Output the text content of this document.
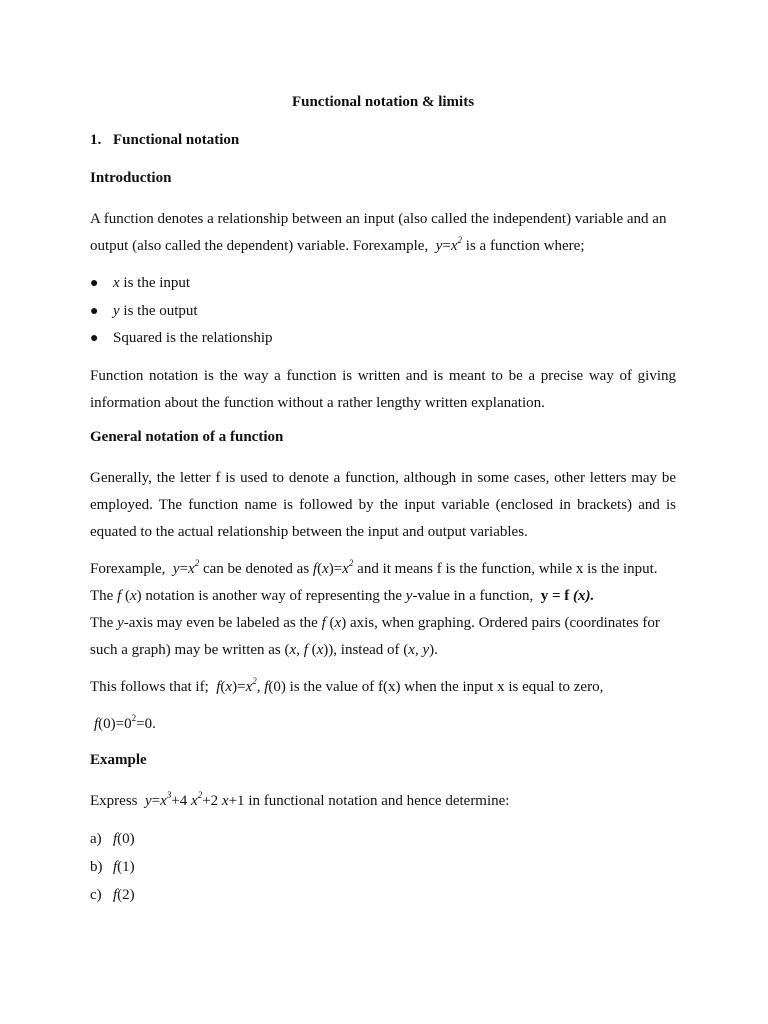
Functional notation & limits
1. Functional notation
Introduction

A function denotes a relationship between an input (also called the independent) variable and an output (also called the dependent) variable. Forexample,  $y=x^2$ is a function where;

● x is the input
● y is the output
● Squared is the relationship

Function notation is the way a function is written and is meant to be a precise way of giving information about the function without a rather lengthy written explanation.

General notation of a function

Generally, the letter f is used to denote a function, although in some cases, other letters may be employed. The function name is followed by the input variable (enclosed in brackets) and is equated to the actual relationship between the input and output variables.

Forexample,  $y=x^2$ can be denoted as $f(x)=x^2$ and it means f is the function, while x is the input.
The f (x) notation is another way of representing the y-value in a function, y = f (x).
The y-axis may even be labeled as the f (x) axis, when graphing. Ordered pairs (coordinates for such a graph) may be written as (x, f (x)), instead of (x, y).

This follows that if;  $f(x)=x^2$, f(0) is the value of f(x) when the input x is equal to zero,

$f(0)=0^2=0$.

Example

Express  $y=x^3+4$ $x^2+2$ x+1 in functional notation and hence determine:

a) f(0)
b) f(1)
c) f(2)
